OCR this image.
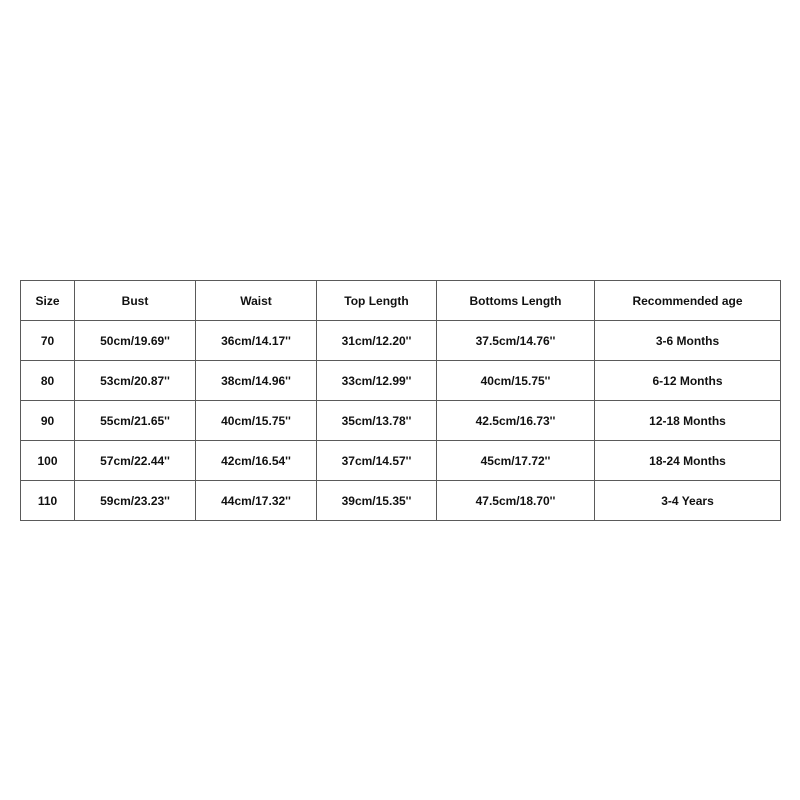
Size	Bust	Waist	Top Length	Bottoms Length	Recommended age
70	50cm/19.69''	36cm/14.17''	31cm/12.20''	37.5cm/14.76''	3-6 Months
80	53cm/20.87''	38cm/14.96''	33cm/12.99''	40cm/15.75''	6-12 Months
90	55cm/21.65''	40cm/15.75''	35cm/13.78''	42.5cm/16.73''	12-18 Months
100	57cm/22.44''	42cm/16.54''	37cm/14.57''	45cm/17.72''	18-24 Months
110	59cm/23.23''	44cm/17.32''	39cm/15.35''	47.5cm/18.70''	3-4 Years
